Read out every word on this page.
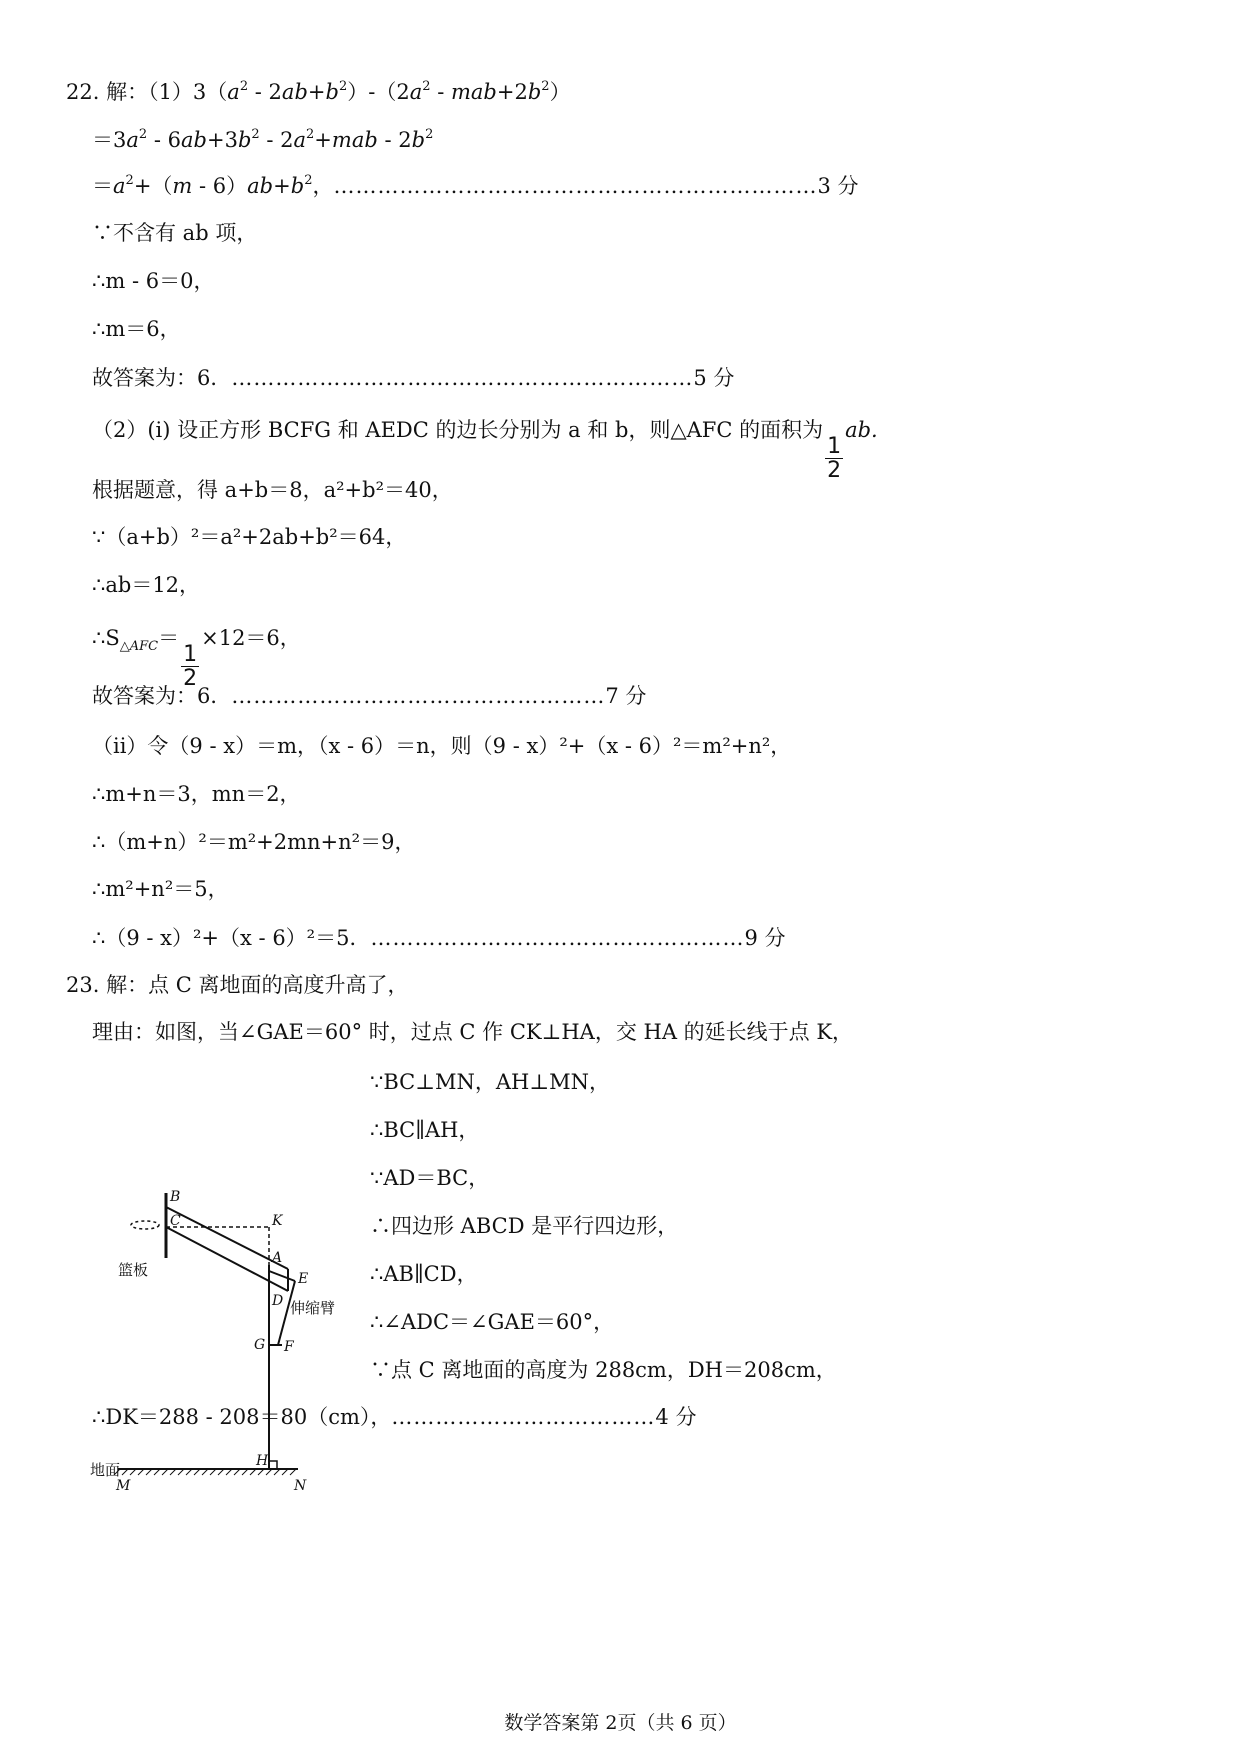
22. 解：$(1)3(a^2 - 2ab+b^2)-(2a^2 - mab+2b^2)$
$=3a^2 - 6ab+3b^2 - 2a^2+mab - 2b^2$
$=a^2+(m - 6)ab+b^2$，…………………………………………………………3 分
∵不含有 ab 项，
∴m - 6＝0，
∴m＝6，
故答案为：6．………………………………………………………5 分
（2）(i) 设正方形 BCFG 和 AEDC 的边长分别为 a 和 b，则△AFC 的面积为
$\frac{1}{2}$
ab.
根据题意，得 a+b＝8，a²+b²＝40，
∵（a+b）²＝a²+2ab+b²＝64，
∴ab＝12，
$\therefore S_{\triangle AFC}=$
$\frac{1}{2}$
×12＝6，
故答案为：6．……………………………………………7 分
（ii）令（9 - x）＝m，（x - 6）＝n，则（9 - x）²+（x - 6）²＝m²+n²，
∴m+n＝3，mn＝2，
∴（m+n）²＝m²+2mn+n²＝9，
∴m²+n²＝5，
∴（9 - x）²+（x - 6）²＝5．……………………………………………9 分
23. 解：点 C 离地面的高度升高了，
理由：如图，当∠GAE＝60° 时，过点 C 作 CK⊥HA，交 HA 的延长线于点 K，
∵BC⊥MN，AH⊥MN，
∴BC∥AH，
∵AD＝BC，
∴四边形 ABCD 是平行四边形，
∴AB∥CD，
∴∠ADC＝∠GAE＝60°，
∵点 C 离地面的高度为 288cm，DH＝208cm，
∴DK＝288 - 208＝80（cm），………………………………4 分
B
C	K
A
E
D
G F
H
M	N
篮板
伸缩臂
地面
数学答案第 2页（共 6 页）
